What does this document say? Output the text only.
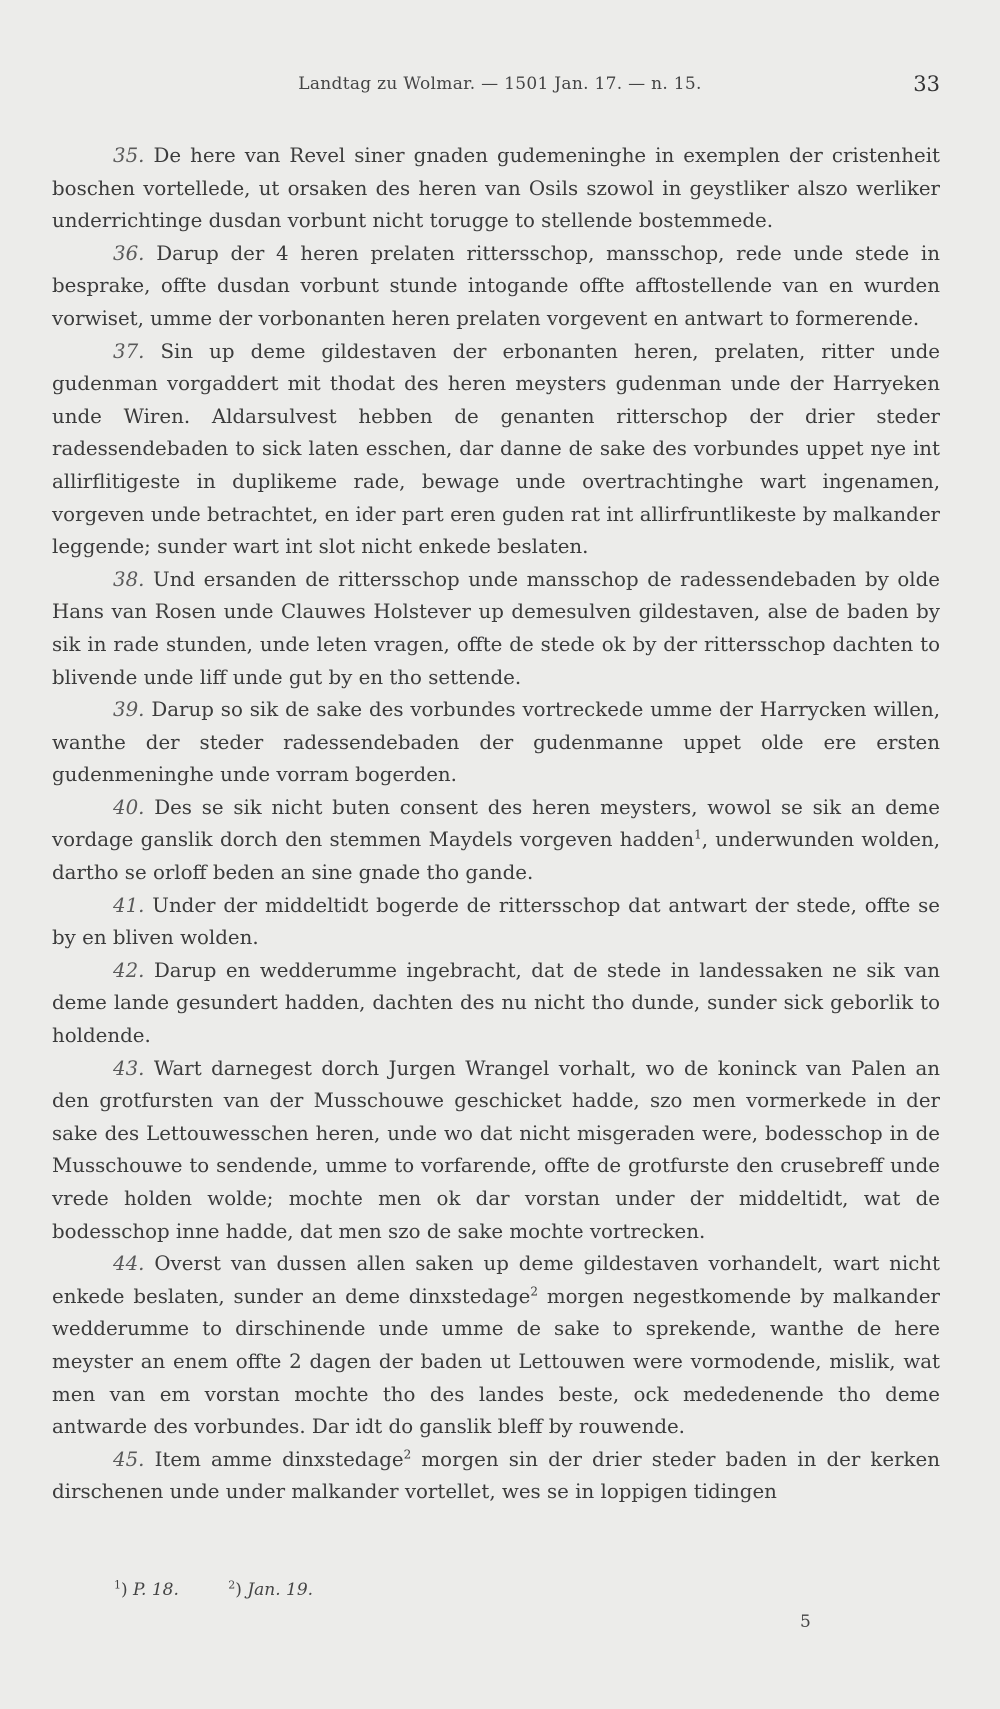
Landtag zu Wolmar. — 1501 Jan. 17. — n. 15.	33

35. De here van Revel siner gnaden gudemeninghe in exemplen der cristenheit boschen vortellede, ut orsaken des heren van Osils szowol in geystliker alszo werliker underrichtinge dusdan vorbunt nicht torugge to stellende bostemmede.

36. Darup der 4 heren prelaten rittersschop, mansschop, rede unde stede in besprake, offte dusdan vorbunt stunde intogande offte afftostellende van en wurden vorwiset, umme der vorbonanten heren prelaten vorgevent en antwart to formerende.

37. Sin up deme gildestaven der erbonanten heren, prelaten, ritter unde gudenman vorgaddert mit thodat des heren meysters gudenman unde der Harryeken unde Wiren. Aldarsulvest hebben de genanten ritterschop der drier steder radessendebaden to sick laten esschen, dar danne de sake des vorbundes uppet nye int allirflitigeste in duplikeme rade, bewage unde overtrachtinghe wart ingenamen, vorgeven unde betrachtet, en ider part eren guden rat int allirfruntlikeste by malkander leggende; sunder wart int slot nicht enkede beslaten.

38. Und ersanden de rittersschop unde mansschop de radessendebaden by olde Hans van Rosen unde Clauwes Holstever up demesulven gildestaven, alse de baden by sik in rade stunden, unde leten vragen, offte de stede ok by der rittersschop dachten to blivende unde liff unde gut by en tho settende.

39. Darup so sik de sake des vorbundes vortreckede umme der Harrycken willen, wanthe der steder radessendebaden der gudenmanne uppet olde ere ersten gudenmeninghe unde vorram bogerden.

40. Des se sik nicht buten consent des heren meysters, wowol se sik an deme vordage ganslik dorch den stemmen Maydels vorgeven hadden$^1$, underwunden wolden, dartho se orloff beden an sine gnade tho gande.

41. Under der middeltidt bogerde de rittersschop dat antwart der stede, offte se by en bliven wolden.

42. Darup en wedderumme ingebracht, dat de stede in landessaken ne sik van deme lande gesundert hadden, dachten des nu nicht tho dunde, sunder sick geborlik to holdende.

43. Wart darnegest dorch Jurgen Wrangel vorhalt, wo de koninck van Palen an den grotfursten van der Musschouwe geschicket hadde, szo men vormerkede in der sake des Lettouwesschen heren, unde wo dat nicht misgeraden were, bodesschop in de Musschouwe to sendende, umme to vorfarende, offte de grotfurste den crusebreff unde vrede holden wolde; mochte men ok dar vorstan under der middeltidt, wat de bodesschop inne hadde, dat men szo de sake mochte vortrecken.

44. Overst van dussen allen saken up deme gildestaven vorhandelt, wart nicht enkede beslaten, sunder an deme dinxstedage$^2$ morgen negestkomende by malkander wedderumme to dirschinende unde umme de sake to sprekende, wanthe de here meyster an enem offte 2 dagen der baden ut Lettouwen were vormodende, mislik, wat men van em vorstan mochte tho des landes beste, ock mededenende tho deme antwarde des vorbundes. Dar idt do ganslik bleff by rouwende.

45. Item amme dinxstedage$^2$ morgen sin der drier steder baden in der kerken dirschenen unde under malkander vortellet, wes se in loppigen tidingen

$^1$) P. 18.	$^2$) Jan. 19.
5
